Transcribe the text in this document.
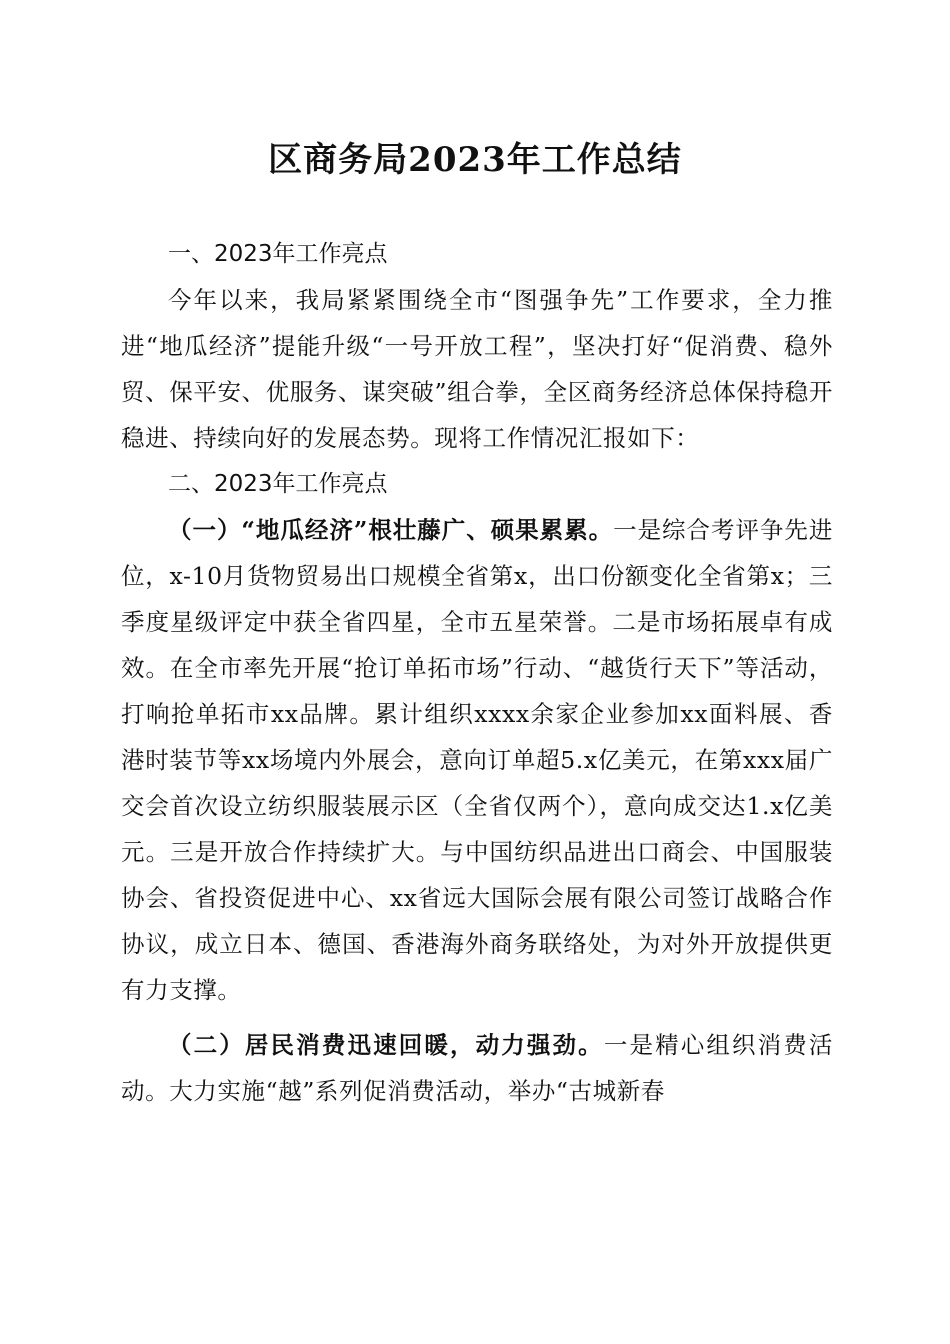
区商务局2023年工作总结
一、2023年工作亮点

今年以来，我局紧紧围绕全市“图强争先”工作要求，全力推进“地瓜经济”提能升级“一号开放工程”，坚决打好“促消费、稳外贸、保平安、优服务、谋突破”组合拳，全区商务经济总体保持稳开稳进、持续向好的发展态势。现将工作情况汇报如下：

二、2023年工作亮点

（一）“地瓜经济”根壮藤广、硕果累累。一是综合考评争先进位，x-10月货物贸易出口规模全省第x，出口份额变化全省第x；三季度星级评定中获全省四星，全市五星荣誉。二是市场拓展卓有成效。在全市率先开展“抢订单拓市场”行动、“越货行天下”等活动，打响抢单拓市xx品牌。累计组织xxxx余家企业参加xx面料展、香港时装节等xx场境内外展会，意向订单超5.x亿美元，在第xxx届广交会首次设立纺织服装展示区（全省仅两个），意向成交达1.x亿美元。三是开放合作持续扩大。与中国纺织品进出口商会、中国服装协会、省投资促进中心、xx省远大国际会展有限公司签订战略合作协议，成立日本、德国、香港海外商务联络处，为对外开放提供更有力支撑。

（二）居民消费迅速回暖，动力强劲。一是精心组织消费活动。大力实施“越”系列促消费活动，举办“古城新春
